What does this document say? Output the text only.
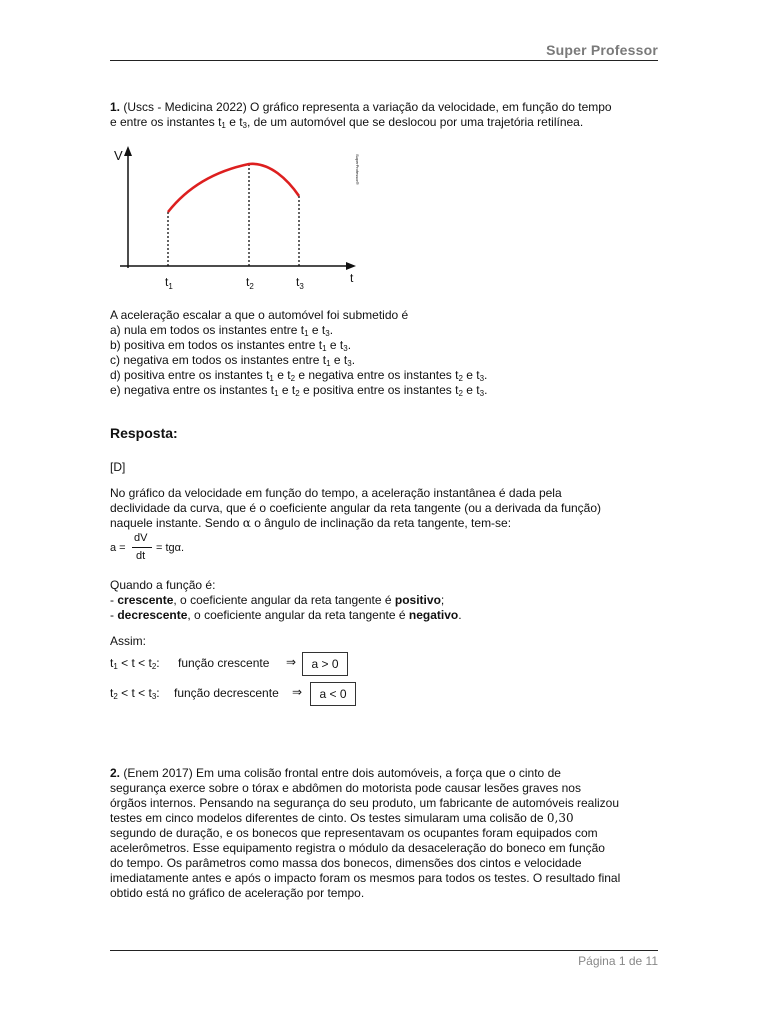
Super Professor
1. (Uscs - Medicina 2022) O gráfico representa a variação da velocidade, em função do tempo
e entre os instantes $t_1$ e $t_3$, de um automóvel que se deslocou por uma trajetória retilínea.
V
t
$t_1$	$t_2$	$t_3$
SuperProfessor®
A aceleração escalar a que o automóvel foi submetido é
a) nula em todos os instantes entre $t_1$ e $t_3$.
b) positiva em todos os instantes entre $t_1$ e $t_3$.
c) negativa em todos os instantes entre $t_1$ e $t_3$.
d) positiva entre os instantes $t_1$ e $t_2$ e negativa entre os instantes $t_2$ e $t_3$.
e) negativa entre os instantes $t_1$ e $t_2$ e positiva entre os instantes $t_2$ e $t_3$.
Resposta:
[D]
No gráfico da velocidade em função do tempo, a aceleração instantânea é dada pela
declividade da curva, que é o coeficiente angular da reta tangente (ou a derivada da função)
naquele instante. Sendo α o ângulo de inclinação da reta tangente, tem-se:
a =
dV
dt
= tgα.
Quando a função é:
- crescente, o coeficiente angular da reta tangente é positivo;
- decrescente, o coeficiente angular da reta tangente é negativo.
Assim:
$t_1 < t < t_2$: função crescente ⇒	a > 0
$t_2 < t < t_3$: função decrescente ⇒	a < 0
2. (Enem 2017) Em uma colisão frontal entre dois automóveis, a força que o cinto de
segurança exerce sobre o tórax e abdômen do motorista pode causar lesões graves nos
órgãos internos. Pensando na segurança do seu produto, um fabricante de automóveis realizou
testes em cinco modelos diferentes de cinto. Os testes simularam uma colisão de 0,30
segundo de duração, e os bonecos que representavam os ocupantes foram equipados com
acelerômetros. Esse equipamento registra o módulo da desaceleração do boneco em função
do tempo. Os parâmetros como massa dos bonecos, dimensões dos cintos e velocidade
imediatamente antes e após o impacto foram os mesmos para todos os testes. O resultado final
obtido está no gráfico de aceleração por tempo.
Página 1 de 11
